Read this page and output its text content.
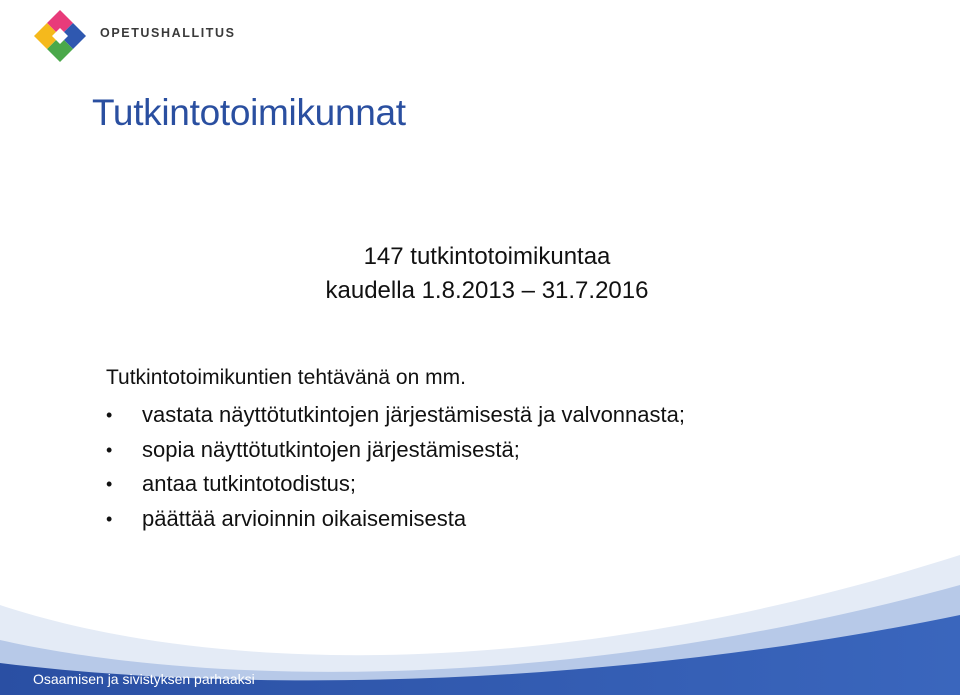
OPETUSHALLITUS
Tutkintotoimikunnat
147 tutkintotoimikuntaa
kaudella 1.8.2013 – 31.7.2016
Tutkintotoimikuntien tehtävänä on mm.
• vastata näyttötutkintojen järjestämisestä ja valvonnasta;
• sopia näyttötutkintojen järjestämisestä;
• antaa tutkintotodistus;
• päättää arvioinnin oikaisemisesta
Osaamisen ja sivistyksen parhaaksi
